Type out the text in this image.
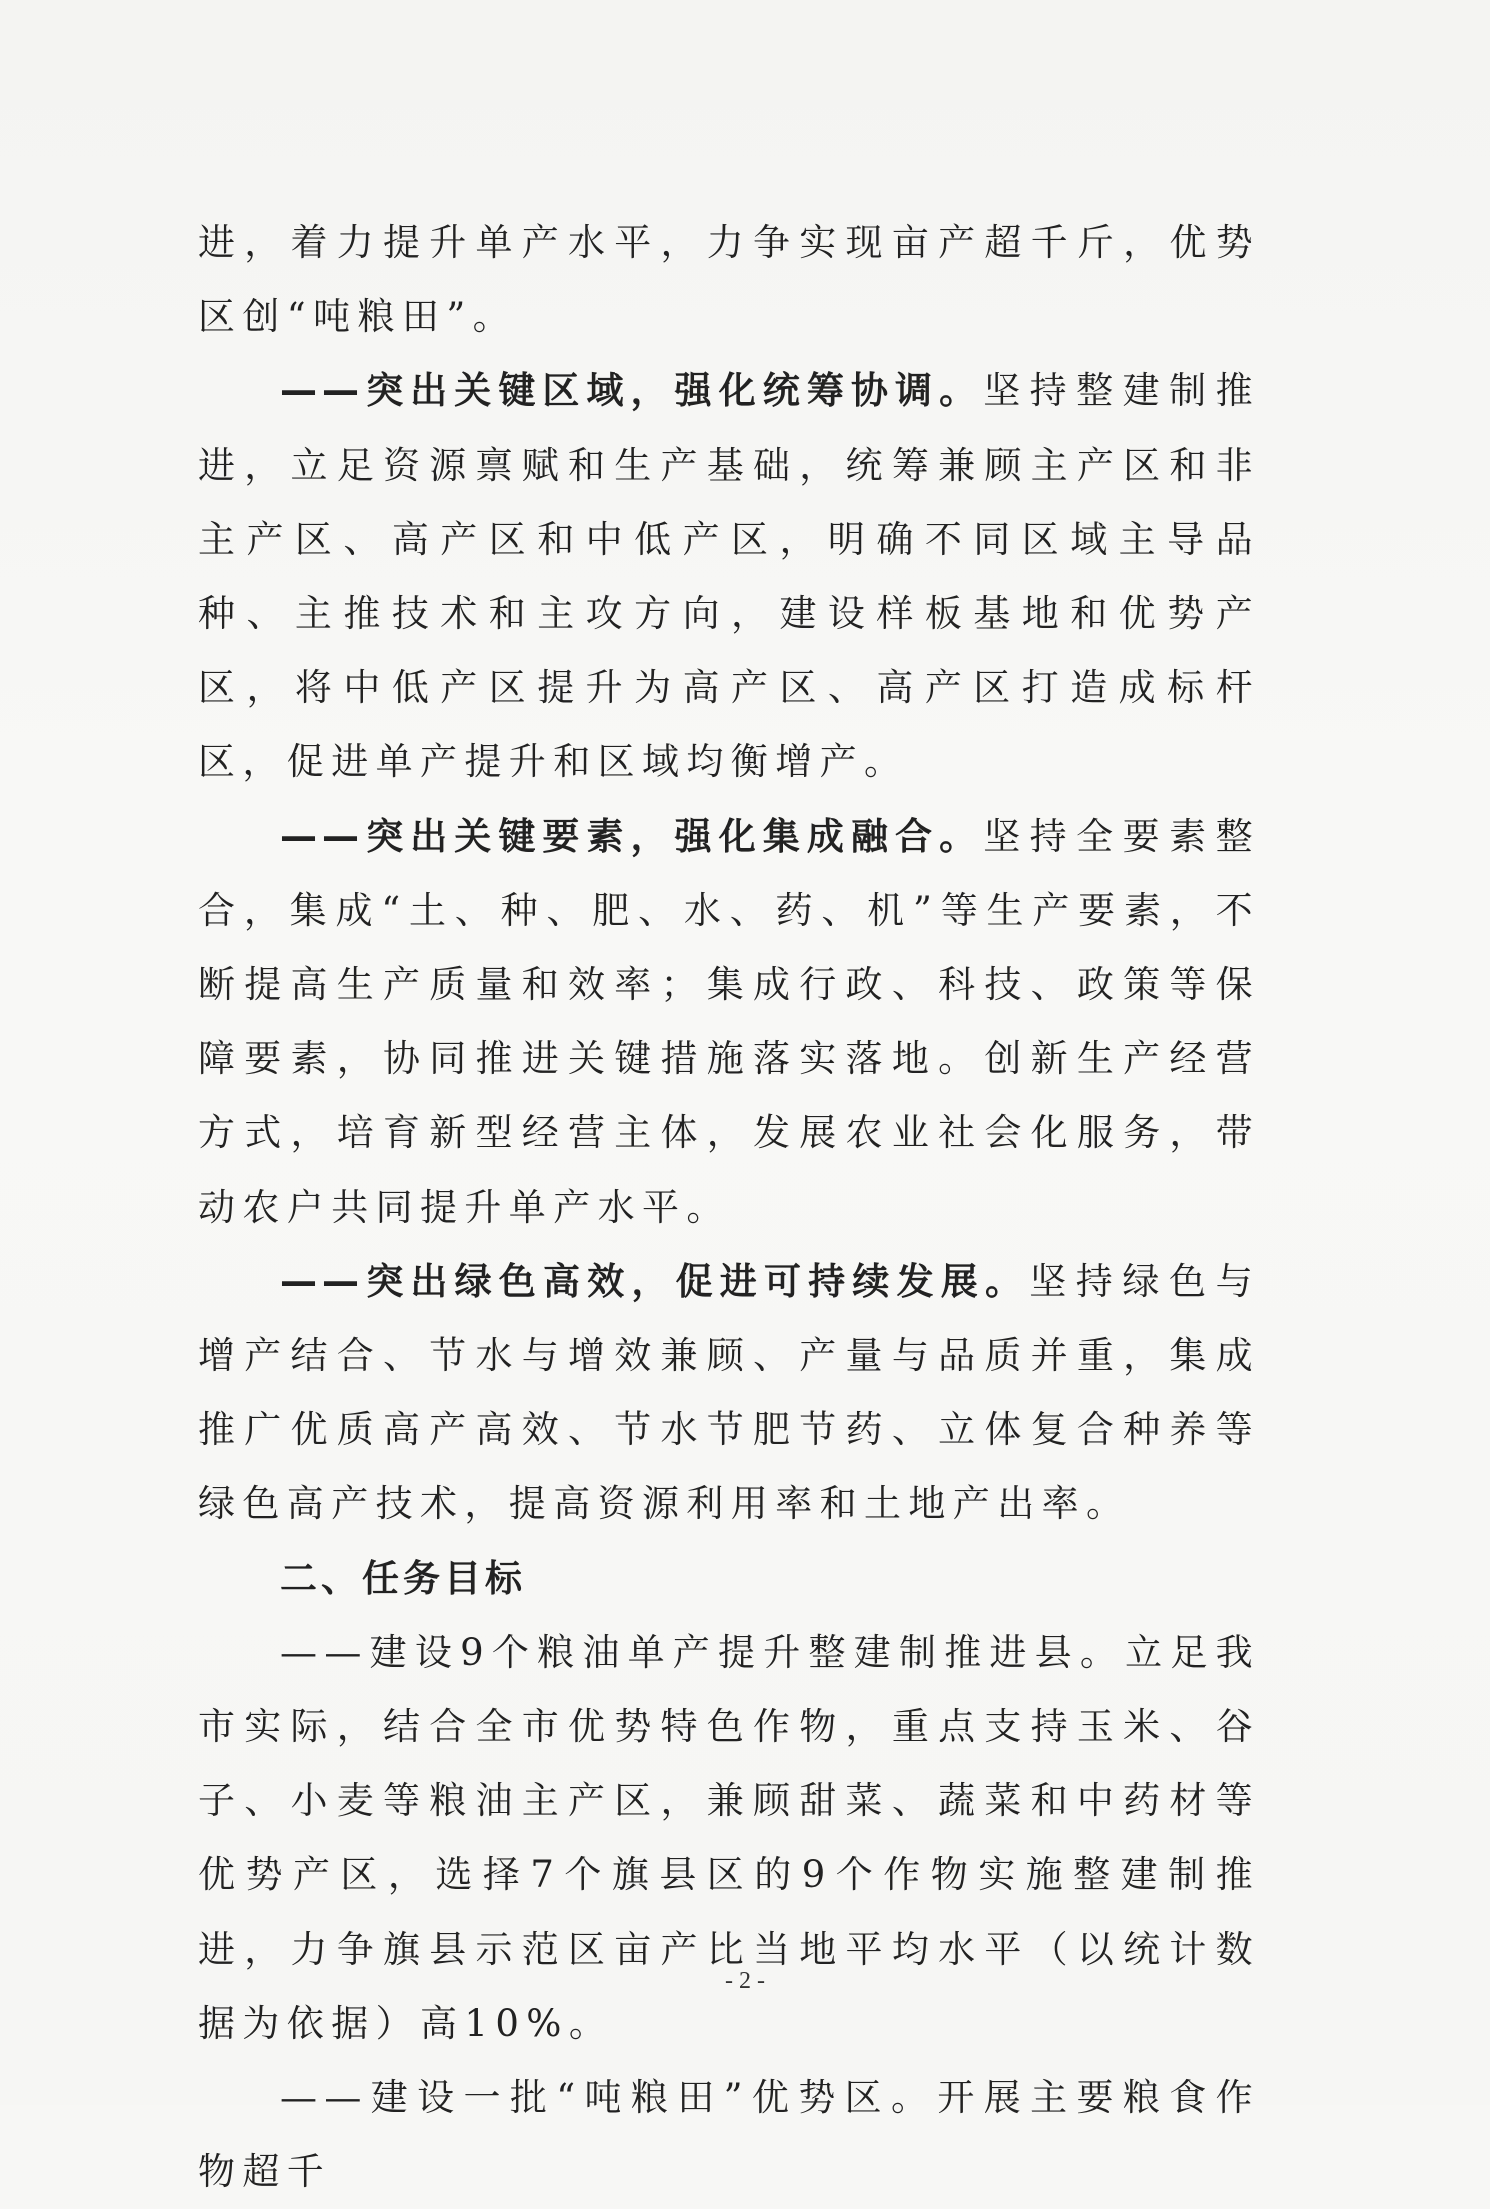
进，着力提升单产水平，力争实现亩产超千斤，优势区创“吨粮田”。

——突出关键区域，强化统筹协调。坚持整建制推进，立足资源禀赋和生产基础，统筹兼顾主产区和非主产区、高产区和中低产区，明确不同区域主导品种、主推技术和主攻方向，建设样板基地和优势产区，将中低产区提升为高产区、高产区打造成标杆区，促进单产提升和区域均衡增产。

——突出关键要素，强化集成融合。坚持全要素整合，集成“土、种、肥、水、药、机”等生产要素，不断提高生产质量和效率；集成行政、科技、政策等保障要素，协同推进关键措施落实落地。创新生产经营方式，培育新型经营主体，发展农业社会化服务，带动农户共同提升单产水平。

——突出绿色高效，促进可持续发展。坚持绿色与增产结合、节水与增效兼顾、产量与品质并重，集成推广优质高产高效、节水节肥节药、立体复合种养等绿色高产技术，提高资源利用率和土地产出率。

二、任务目标

——建设9个粮油单产提升整建制推进县。立足我市实际，结合全市优势特色作物，重点支持玉米、谷子、小麦等粮油主产区，兼顾甜菜、蔬菜和中药材等优势产区，选择7个旗县区的9个作物实施整建制推进，力争旗县示范区亩产比当地平均水平（以统计数据为依据）高10%。

——建设一批“吨粮田”优势区。开展主要粮食作物超千

- 2 -
